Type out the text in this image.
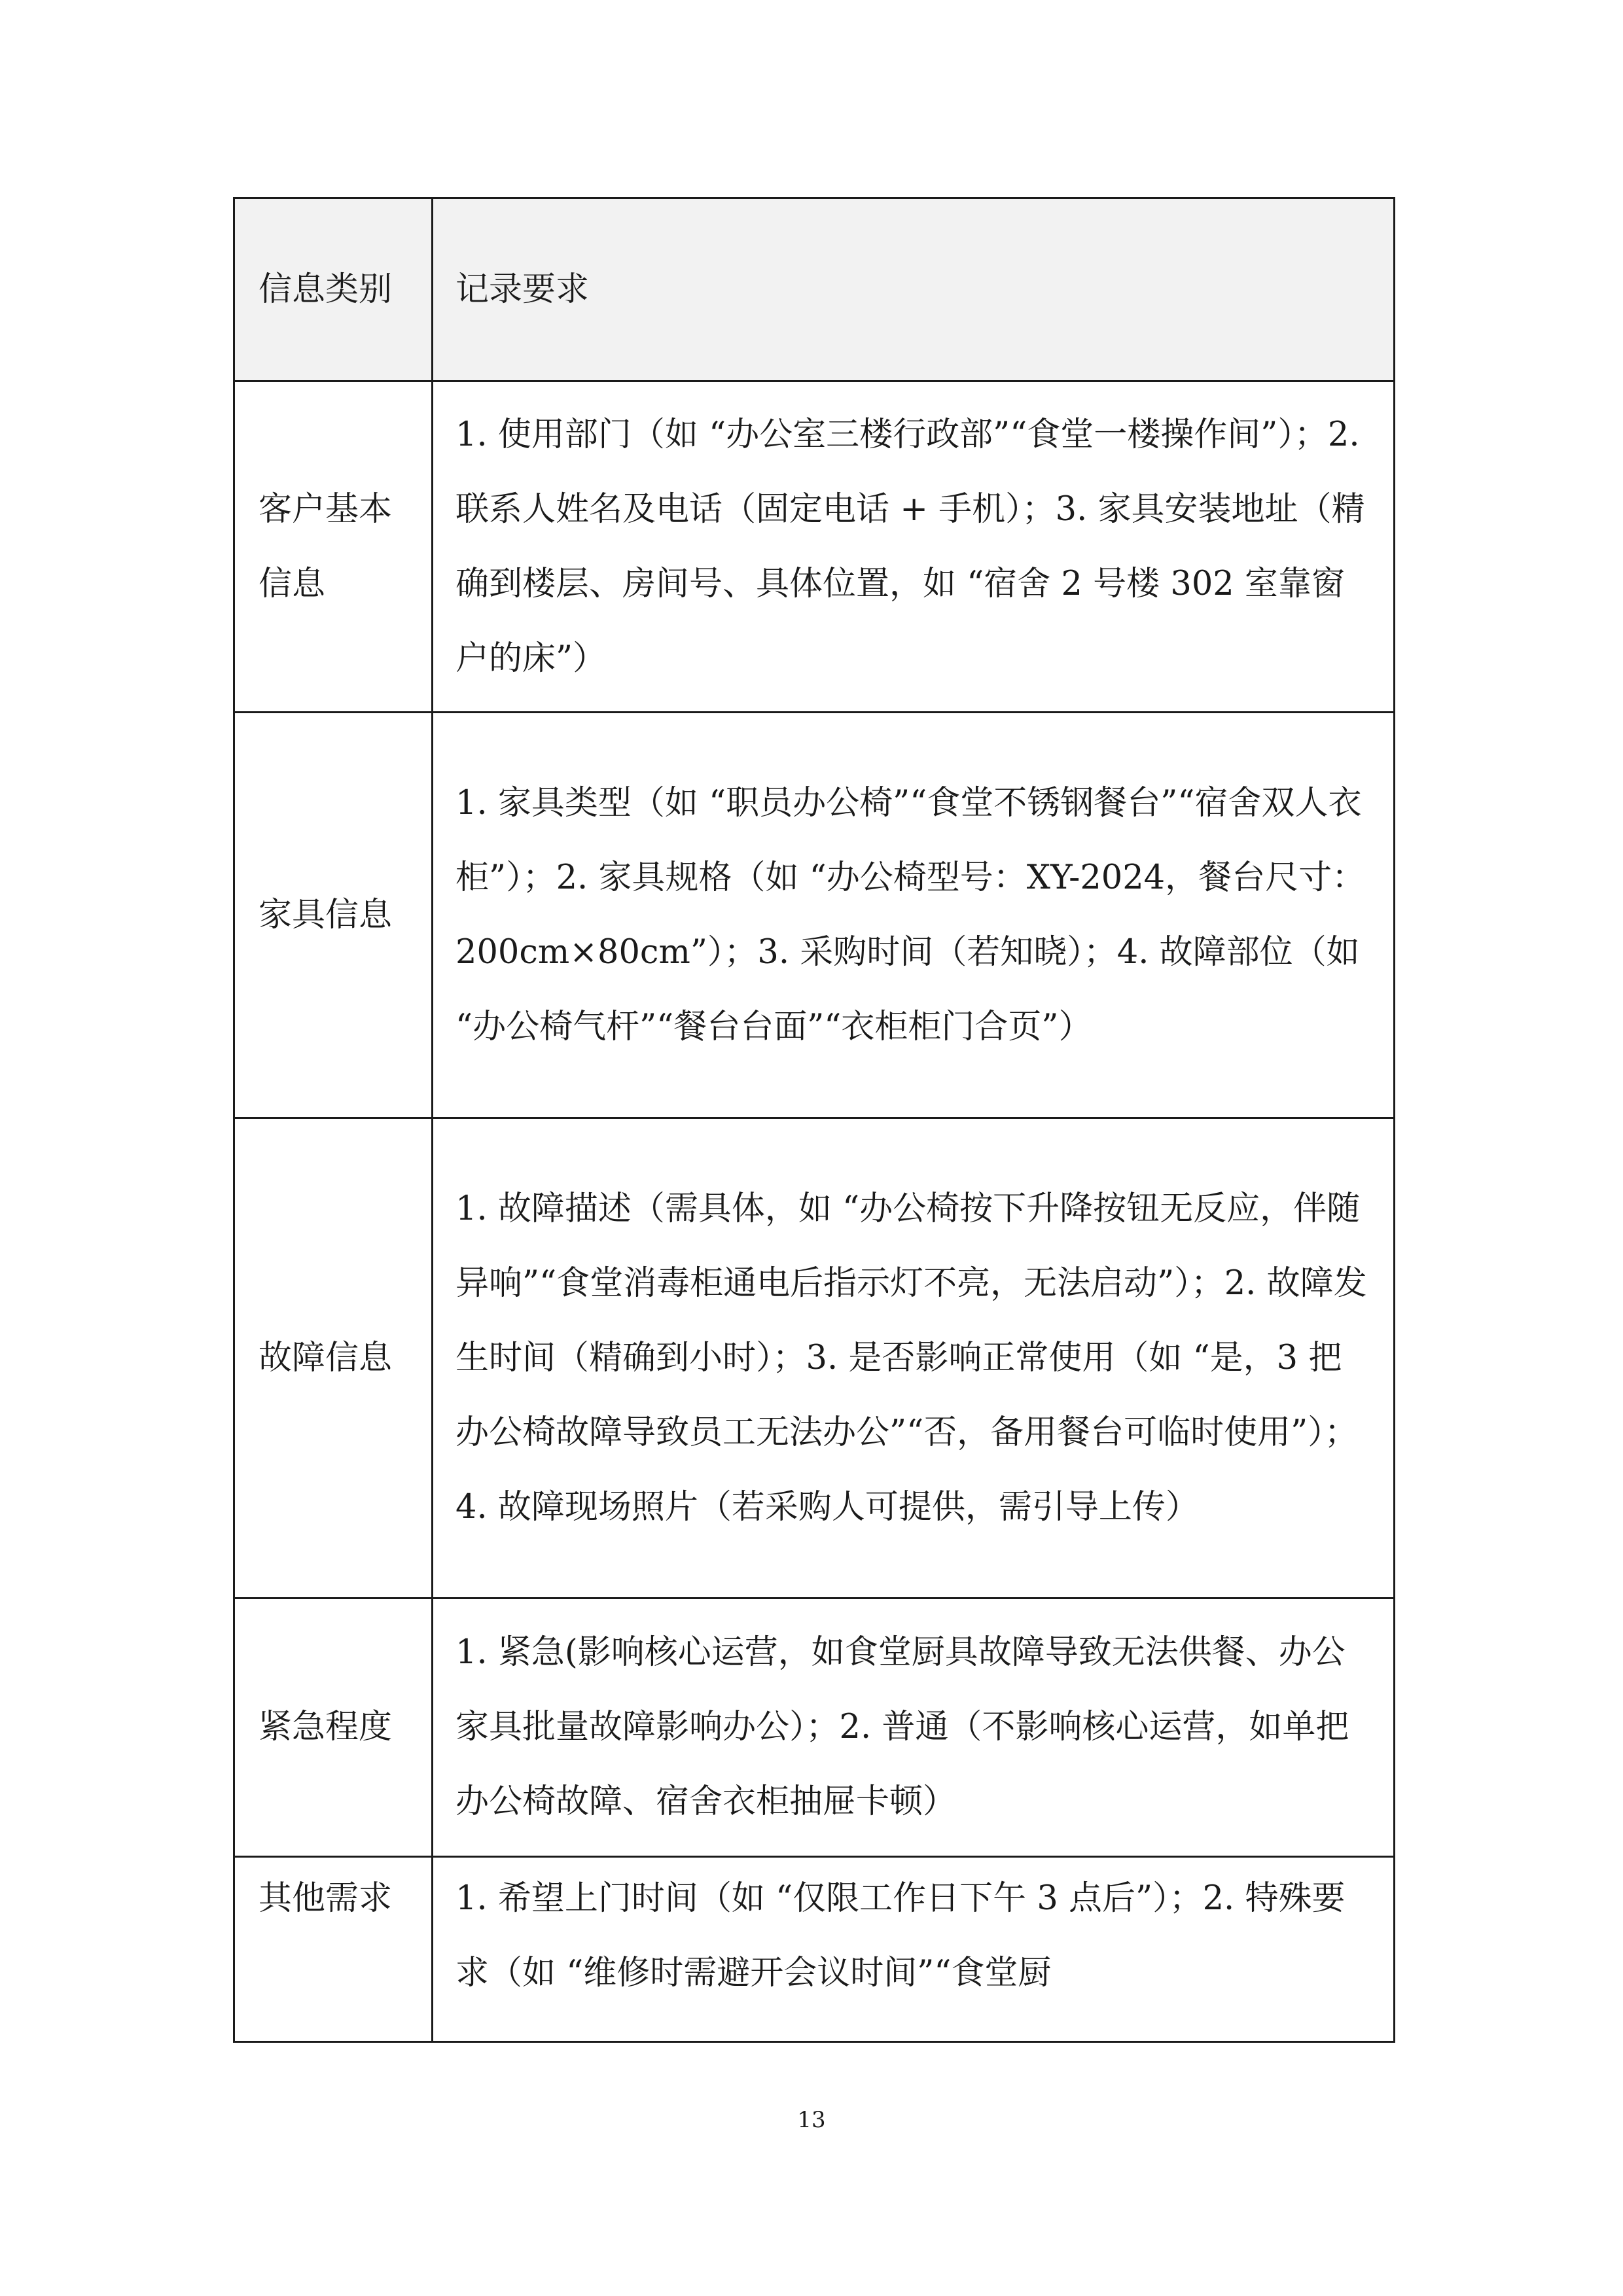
信息类别	记录要求
客户基本信息	1. 使用部门（如 “办公室三楼行政部”“食堂一楼操作间”）；2. 联系人姓名及电话（固定电话 + 手机）；3. 家具安装地址（精确到楼层、房间号、具体位置，如 “宿舍 2 号楼 302 室靠窗户的床”）
家具信息	1. 家具类型（如 “职员办公椅”“食堂不锈钢餐台”“宿舍双人衣柜”）；2. 家具规格（如 “办公椅型号：XY-2024，餐台尺寸：200cm×80cm”）；3. 采购时间（若知晓）；4. 故障部位（如 “办公椅气杆”“餐台台面”“衣柜柜门合页”）
故障信息	1. 故障描述（需具体，如 “办公椅按下升降按钮无反应，伴随异响”“食堂消毒柜通电后指示灯不亮，无法启动”）；2. 故障发生时间（精确到小时）；3. 是否影响正常使用（如 “是，3 把办公椅故障导致员工无法办公”“否，备用餐台可临时使用”）；4. 故障现场照片（若采购人可提供，需引导上传）
紧急程度	1. 紧急(影响核心运营，如食堂厨具故障导致无法供餐、办公家具批量故障影响办公）；2. 普通（不影响核心运营，如单把办公椅故障、宿舍衣柜抽屉卡顿）
其他需求	1. 希望上门时间（如 “仅限工作日下午 3 点后”）；2. 特殊要求（如 “维修时需避开会议时间”“食堂厨
13
